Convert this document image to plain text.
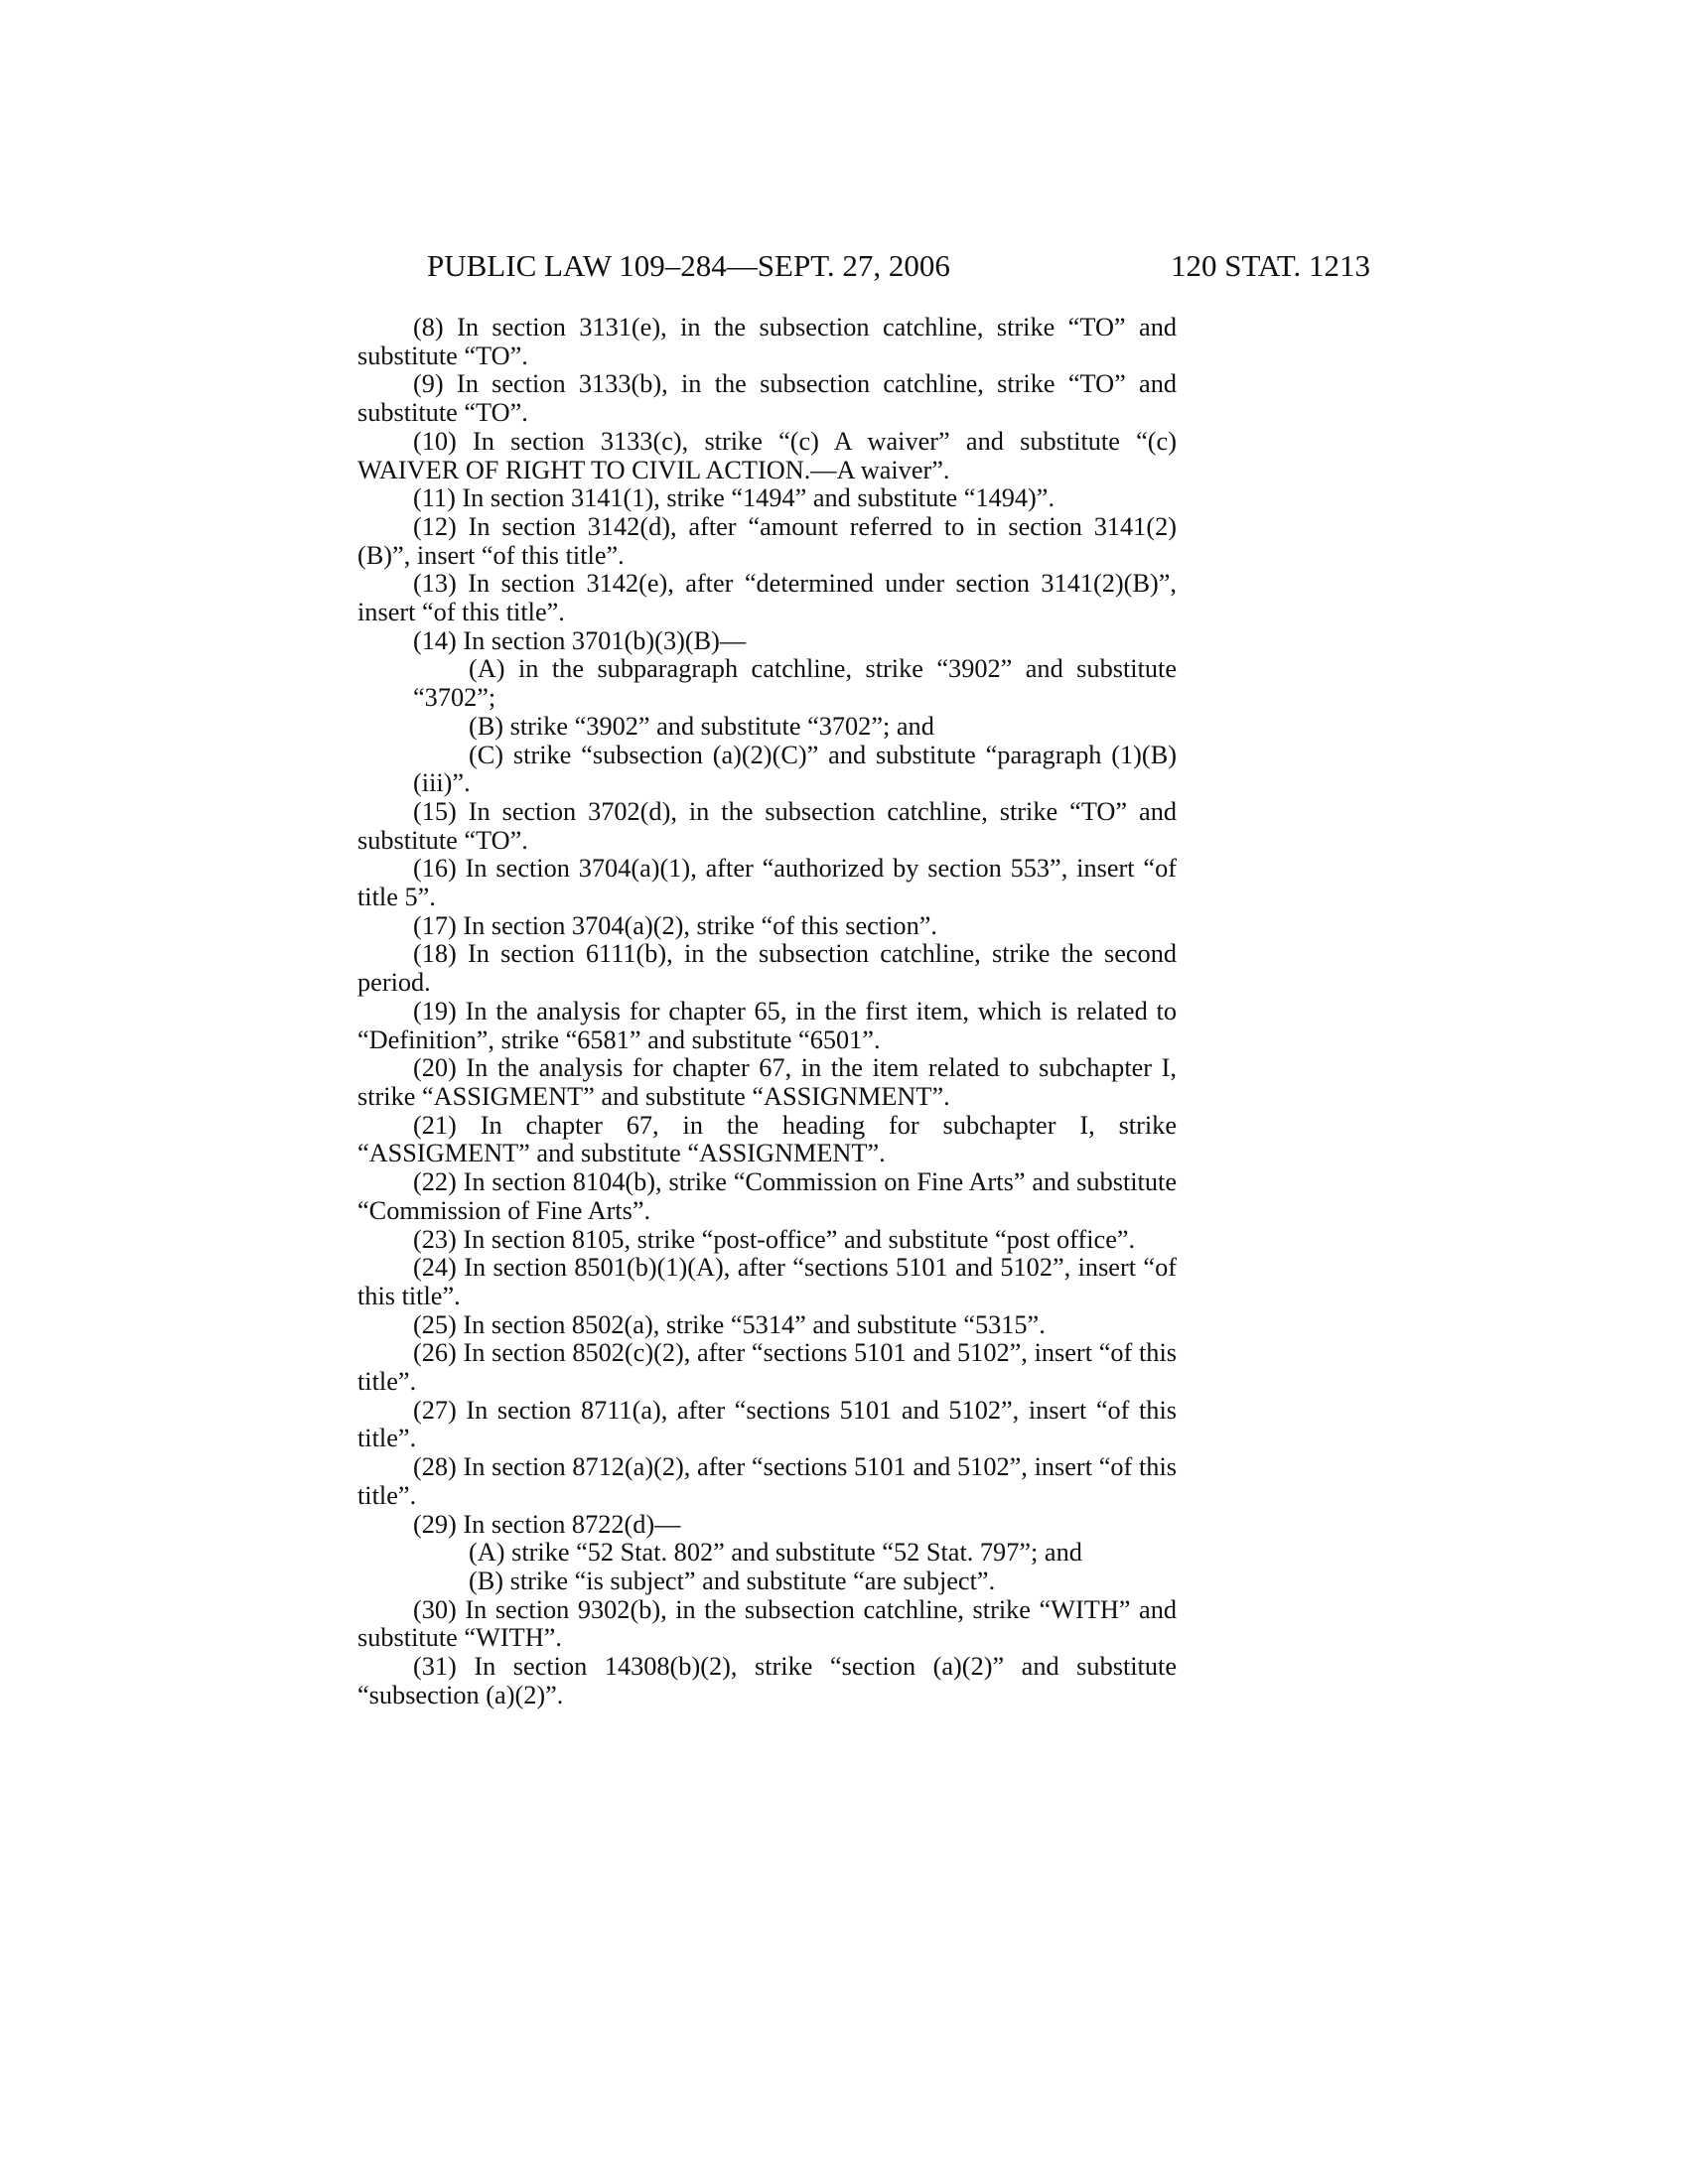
PUBLIC LAW 109–284—SEPT. 27, 2006	120 STAT. 1213

(8) In section 3131(e), in the subsection catchline, strike “TO” and substitute “TO”.

(9) In section 3133(b), in the subsection catchline, strike “TO” and substitute “TO”.

(10) In section 3133(c), strike “(c) A waiver” and substitute “(c) WAIVER OF RIGHT TO CIVIL ACTION.—A waiver”.

(11) In section 3141(1), strike “1494” and substitute “1494)”.

(12) In section 3142(d), after “amount referred to in section 3141(2)(B)”, insert “of this title”.

(13) In section 3142(e), after “determined under section 3141(2)(B)”, insert “of this title”.

(14) In section 3701(b)(3)(B)—

(A) in the subparagraph catchline, strike “3902” and substitute “3702”;

(B) strike “3902” and substitute “3702”; and

(C) strike “subsection (a)(2)(C)” and substitute “paragraph (1)(B)(iii)”.

(15) In section 3702(d), in the subsection catchline, strike “TO” and substitute “TO”.

(16) In section 3704(a)(1), after “authorized by section 553”, insert “of title 5”.

(17) In section 3704(a)(2), strike “of this section”.

(18) In section 6111(b), in the subsection catchline, strike the second period.

(19) In the analysis for chapter 65, in the first item, which is related to “Definition”, strike “6581” and substitute “6501”.

(20) In the analysis for chapter 67, in the item related to subchapter I, strike “ASSIGMENT” and substitute “ASSIGNMENT”.

(21) In chapter 67, in the heading for subchapter I, strike “ASSIGMENT” and substitute “ASSIGNMENT”.

(22) In section 8104(b), strike “Commission on Fine Arts” and substitute “Commission of Fine Arts”.

(23) In section 8105, strike “post-office” and substitute “post office”.

(24) In section 8501(b)(1)(A), after “sections 5101 and 5102”, insert “of this title”.

(25) In section 8502(a), strike “5314” and substitute “5315”.

(26) In section 8502(c)(2), after “sections 5101 and 5102”, insert “of this title”.

(27) In section 8711(a), after “sections 5101 and 5102”, insert “of this title”.

(28) In section 8712(a)(2), after “sections 5101 and 5102”, insert “of this title”.

(29) In section 8722(d)—

(A) strike “52 Stat. 802” and substitute “52 Stat. 797”; and

(B) strike “is subject” and substitute “are subject”.

(30) In section 9302(b), in the subsection catchline, strike “WITH” and substitute “WITH”.

(31) In section 14308(b)(2), strike “section (a)(2)” and substitute “subsection (a)(2)”.
